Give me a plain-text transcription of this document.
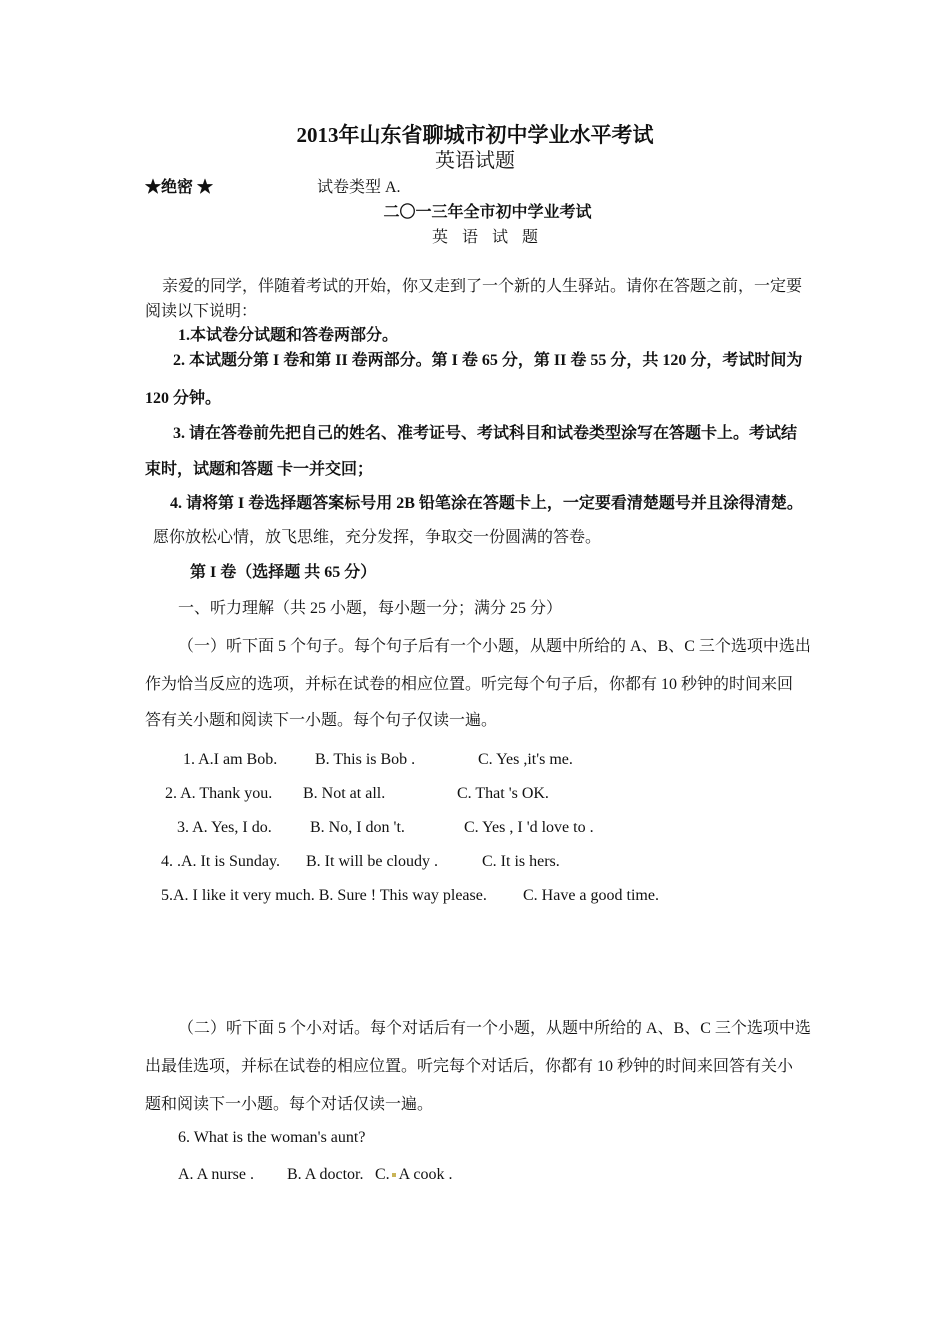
2013年山东省聊城市初中学业水平考试
英语试题
★绝密 ★	试卷类型 A.
二〇一三年全市初中学业考试
英 语 试 题
亲爱的同学，伴随着考试的开始，你又走到了一个新的人生驿站。请你在答题之前，一定要
阅读以下说明：
1.本试卷分试题和答卷两部分。
2. 本试题分第 I 卷和第 II 卷两部分。第 I 卷 65 分，第 II 卷 55 分，共 120 分，考试时间为
120 分钟。
3. 请在答卷前先把自己的姓名、准考证号、考试科目和试卷类型涂写在答题卡上。考试结
束时，试题和答题 卡一并交回；
4. 请将第 I 卷选择题答案标号用 2B 铅笔涂在答题卡上，一定要看清楚题号并且涂得清楚。
愿你放松心情，放飞思维，充分发挥，争取交一份圆满的答卷。
第 I 卷（选择题 共 65 分）
一、听力理解（共 25 小题，每小题一分；满分 25 分）
（一）听下面 5 个句子。每个句子后有一个小题，从题中所给的 A、B、C 三个选项中选出
作为恰当反应的选项，并标在试卷的相应位置。听完每个句子后，你都有 10 秒钟的时间来回
答有关小题和阅读下一小题。每个句子仅读一遍。
1. A.I am Bob. B. This is Bob .	C. Yes ,it's me.
2. A. Thank you. B. Not at all.	C. That 's OK.
3. A. Yes, I do. B. No, I don 't.	C. Yes , I 'd love to .
4. .A. It is Sunday. B. It will be cloudy .	C. It is hers.
5.A. I like it very much. B. Sure ! This way please. C. Have a good time.
（二）听下面 5 个小对话。每个对话后有一个小题，从题中所给的 A、B、C 三个选项中选
出最佳选项，并标在试卷的相应位置。听完每个对话后，你都有 10 秒钟的时间来回答有关小
题和阅读下一小题。每个对话仅读一遍。
6. What is the woman's aunt?
A. A nurse . B. A doctor. C. A cook .
